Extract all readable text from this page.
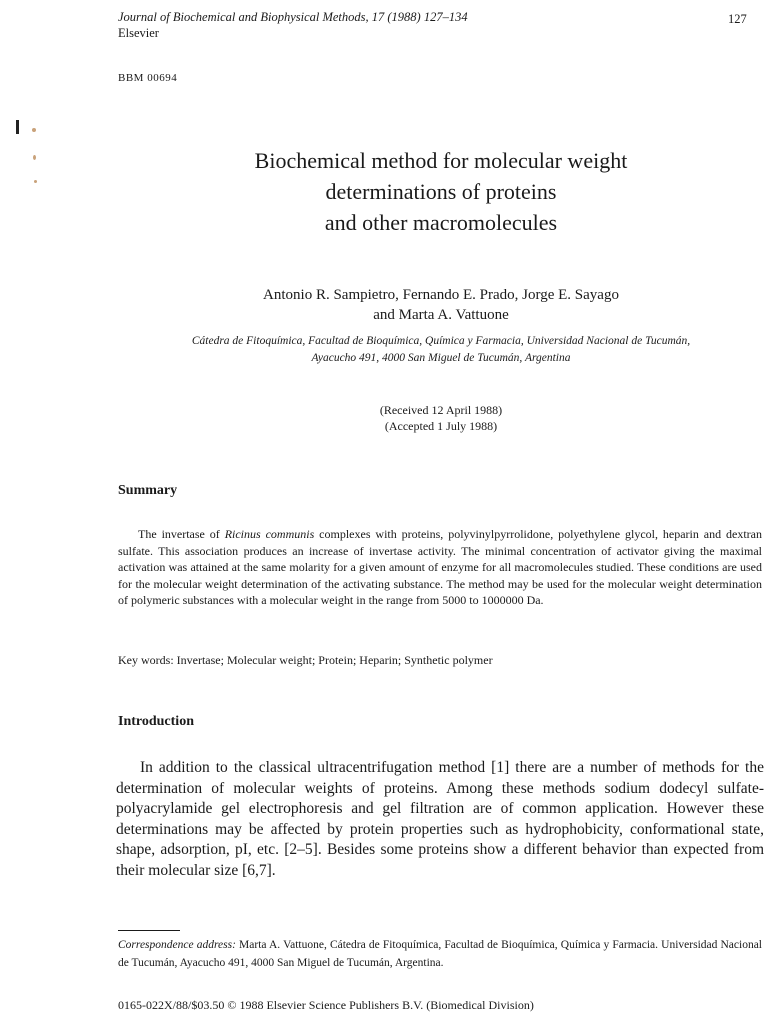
Journal of Biochemical and Biophysical Methods, 17 (1988) 127–134
Elsevier
127
BBM 00694
Biochemical method for molecular weight
determinations of proteins
and other macromolecules
Antonio R. Sampietro, Fernando E. Prado, Jorge E. Sayago
and Marta A. Vattuone
Cátedra de Fitoquímica, Facultad de Bioquímica, Química y Farmacia, Universidad Nacional de Tucumán,
Ayacucho 491, 4000 San Miguel de Tucumán, Argentina
(Received 12 April 1988)
(Accepted 1 July 1988)
Summary
The invertase of Ricinus communis complexes with proteins, polyvinylpyrrolidone, polyethylene glycol, heparin and dextran sulfate. This association produces an increase of invertase activity. The minimal concentration of activator giving the maximal activation was attained at the same molarity for a given amount of enzyme for all macromolecules studied. These conditions are used for the molecular weight determination of the activating substance. The method may be used for the molecular weight determination of polymeric substances with a molecular weight in the range from 5000 to 1000000 Da.
Key words: Invertase; Molecular weight; Protein; Heparin; Synthetic polymer
Introduction
In addition to the classical ultracentrifugation method [1] there are a number of methods for the determination of molecular weights of proteins. Among these methods sodium dodecyl sulfate-polyacrylamide gel electrophoresis and gel filtration are of common application. However these determinations may be affected by protein properties such as hydrophobicity, conformational state, shape, adsorption, pI, etc. [2–5]. Besides some proteins show a different behavior than expected from their molecular size [6,7].
Correspondence address: Marta A. Vattuone, Cátedra de Fitoquímica, Facultad de Bioquímica, Química y Farmacia. Universidad Nacional de Tucumán, Ayacucho 491, 4000 San Miguel de Tucumán, Argentina.
0165-022X/88/$03.50 © 1988 Elsevier Science Publishers B.V. (Biomedical Division)
